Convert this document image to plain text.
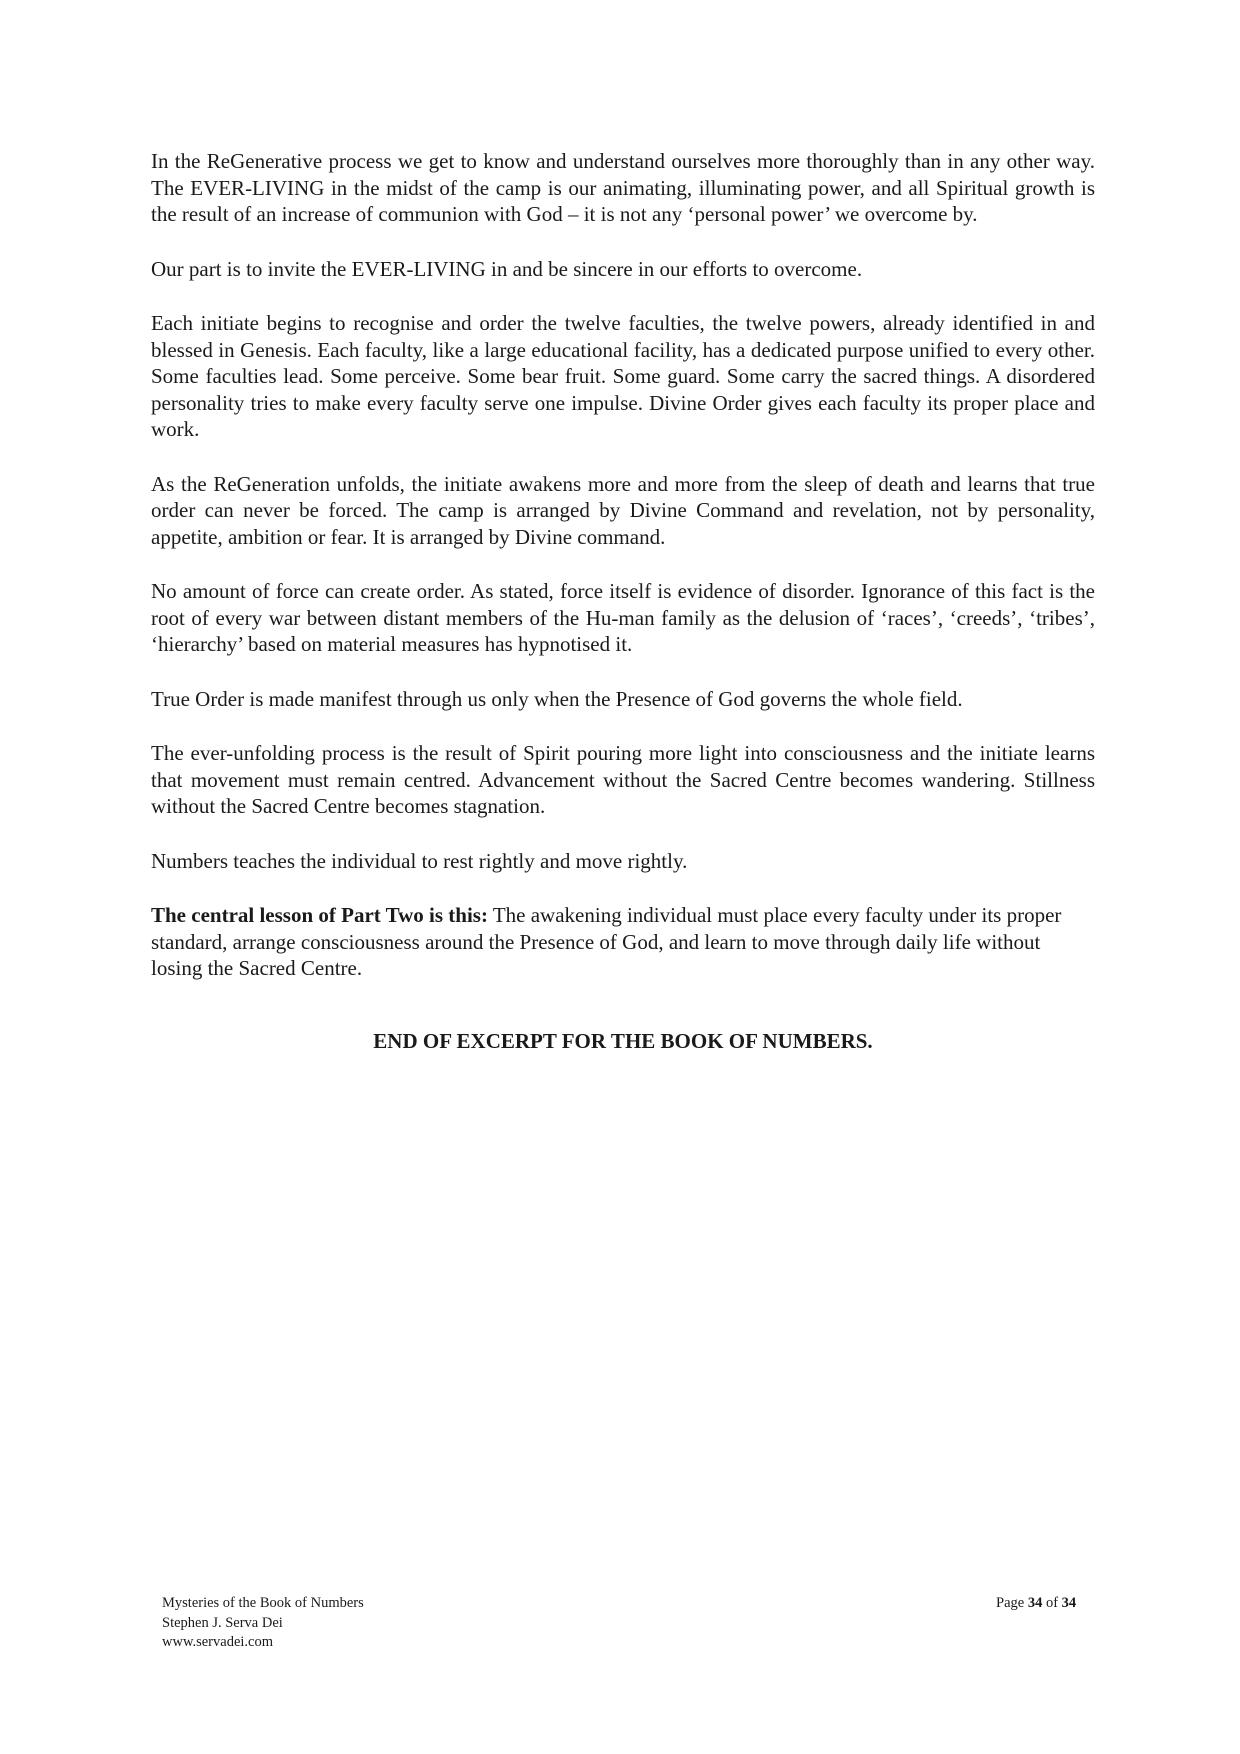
In the ReGenerative process we get to know and understand ourselves more thoroughly than in any other way. The EVER-LIVING in the midst of the camp is our animating, illuminating power, and all Spiritual growth is the result of an increase of communion with God – it is not any ‘personal power’ we overcome by.

Our part is to invite the EVER-LIVING in and be sincere in our efforts to overcome.

Each initiate begins to recognise and order the twelve faculties, the twelve powers, already identified in and blessed in Genesis. Each faculty, like a large educational facility, has a dedicated purpose unified to every other. Some faculties lead. Some perceive. Some bear fruit. Some guard. Some carry the sacred things. A disordered personality tries to make every faculty serve one impulse. Divine Order gives each faculty its proper place and work.

As the ReGeneration unfolds, the initiate awakens more and more from the sleep of death and learns that true order can never be forced. The camp is arranged by Divine Command and revelation, not by personality, appetite, ambition or fear. It is arranged by Divine command.

No amount of force can create order. As stated, force itself is evidence of disorder. Ignorance of this fact is the root of every war between distant members of the Hu-man family as the delusion of ‘races’, ‘creeds’, ‘tribes’, ‘hierarchy’ based on material measures has hypnotised it.

True Order is made manifest through us only when the Presence of God governs the whole field.

The ever-unfolding process is the result of Spirit pouring more light into consciousness and the initiate learns that movement must remain centred. Advancement without the Sacred Centre becomes wandering. Stillness without the Sacred Centre becomes stagnation.

Numbers teaches the individual to rest rightly and move rightly.

The central lesson of Part Two is this: The awakening individual must place every faculty under its proper standard, arrange consciousness around the Presence of God, and learn to move through daily life without losing the Sacred Centre.

END OF EXCERPT FOR THE BOOK OF NUMBERS.
Mysteries of the Book of Numbers
Stephen J. Serva Dei
www.servadei.com
Page 34 of 34
